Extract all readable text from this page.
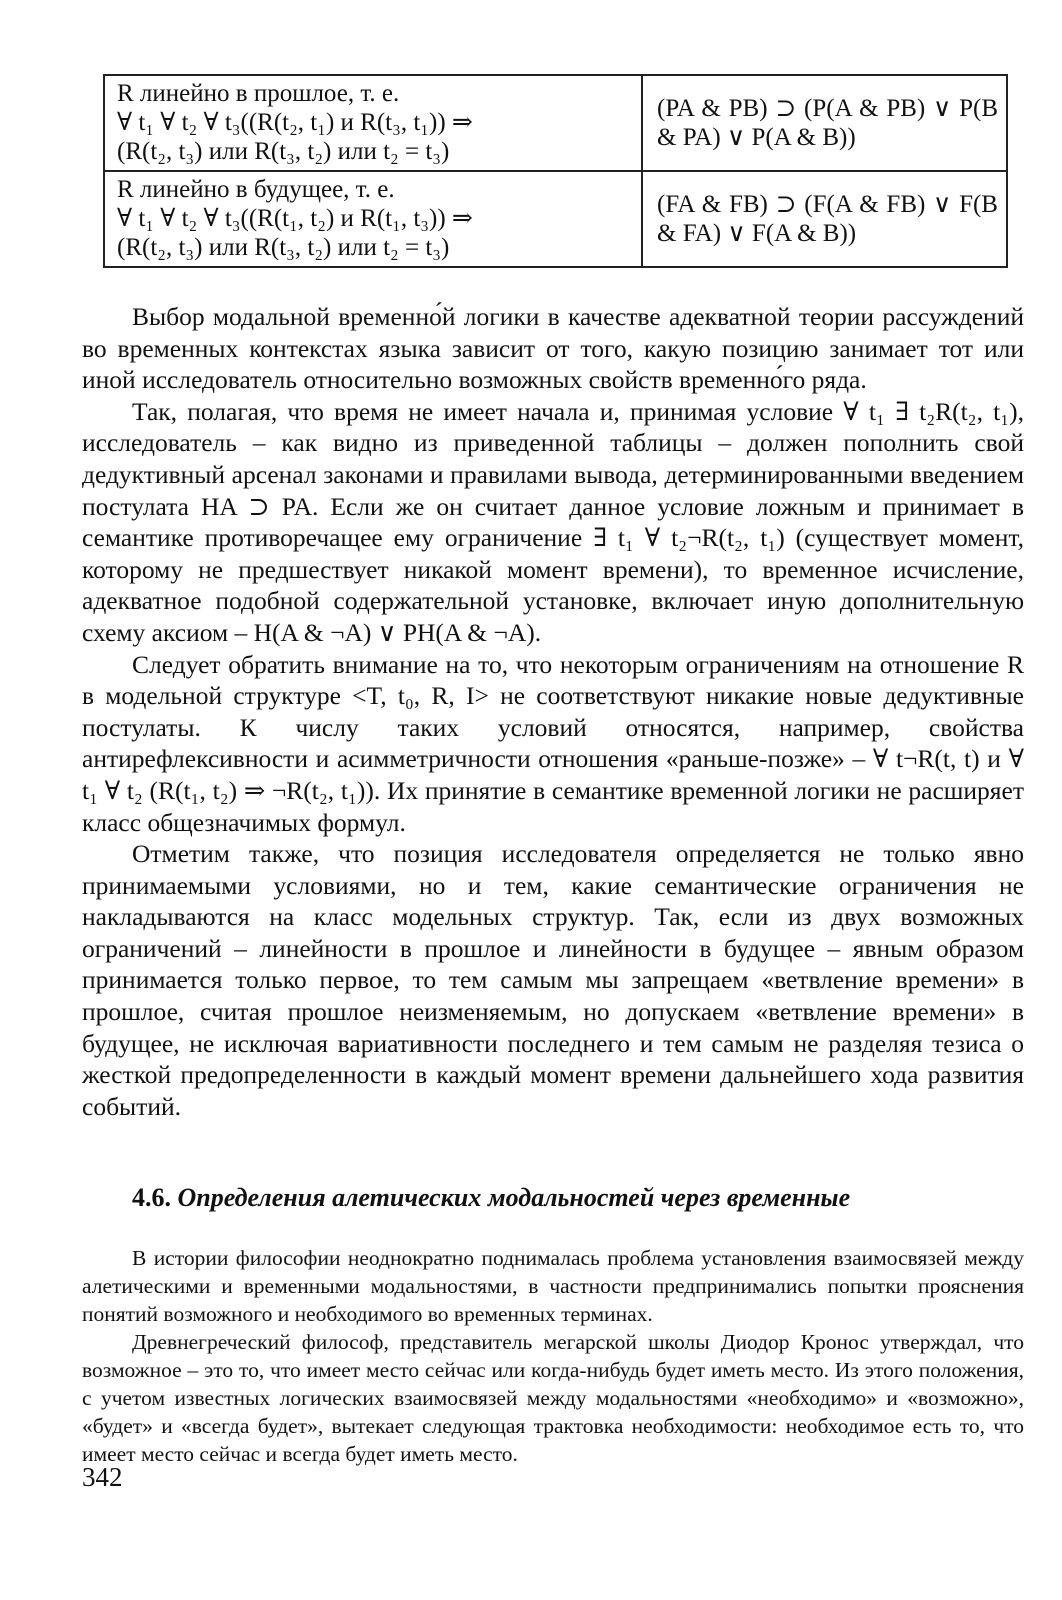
R линейно в прошлое, т. е.
∀ t₁ ∀ t₂ ∀ t₃((R(t₂, t₁) и R(t₃, t₁)) ⇒
(R(t₂, t₃) или R(t₃, t₂) или t₂ = t₃)	(PA & PB) ⊃ (P(A & PB) ∨ P(B & PA) ∨ P(A & B))

R линейно в будущее, т. е.
∀ t₁ ∀ t₂ ∀ t₃((R(t₁, t₂) и R(t₁, t₃)) ⇒
(R(t₂, t₃) или R(t₃, t₂) или t₂ = t₃)	(FA & FB) ⊃ (F(A & FB) ∨ F(B & FA) ∨ F(A & B))

Выбор модальной временно́й логики в качестве адекватной теории рассуждений во временных контекстах языка зависит от того, какую позицию занимает тот или иной исследователь относительно возможных свойств временно́го ряда.

Так, полагая, что время не имеет начала и, принимая условие ∀ t₁ ∃ t₂R(t₂, t₁), исследователь – как видно из приведенной таблицы – должен пополнить свой дедуктивный арсенал законами и правилами вывода, детерминированными введением постулата HA ⊃ PA. Если же он считает данное условие ложным и принимает в семантике противоречащее ему ограничение ∃ t₁ ∀ t₂¬R(t₂, t₁) (существует момент, которому не предшествует никакой момент времени), то временное исчисление, адекватное подобной содержательной установке, включает иную дополнительную схему аксиом – H(A & ¬A) ∨ PH(A & ¬A).

Следует обратить внимание на то, что некоторым ограничениям на отношение R в модельной структуре <T, t₀, R, I> не соответствуют никакие новые дедуктивные постулаты. К числу таких условий относятся, например, свойства антирефлексивности и асимметричности отношения «раньше-позже» – ∀ t¬R(t, t) и ∀ t₁ ∀ t₂ (R(t₁, t₂) ⇒ ¬R(t₂, t₁)). Их принятие в семантике временной логики не расширяет класс общезначимых формул.

Отметим также, что позиция исследователя определяется не только явно принимаемыми условиями, но и тем, какие семантические ограничения не накладываются на класс модельных структур. Так, если из двух возможных ограничений – линейности в прошлое и линейности в будущее – явным образом принимается только первое, то тем самым мы запрещаем «ветвление времени» в прошлое, считая прошлое неизменяемым, но допускаем «ветвление времени» в будущее, не исключая вариативности последнего и тем самым не разделяя тезиса о жесткой предопределенности в каждый момент времени дальнейшего хода развития событий.

4.6. Определения алетических модальностей через временные

В истории философии неоднократно поднималась проблема установления взаимосвязей между алетическими и временными модальностями, в частности предпринимались попытки прояснения понятий возможного и необходимого во временных терминах.

Древнегреческий философ, представитель мегарской школы Диодор Кронос утверждал, что возможное – это то, что имеет место сейчас или когда-нибудь будет иметь место. Из этого положения, с учетом известных логических взаимосвязей между модальностями «необходимо» и «возможно», «будет» и «всегда будет», вытекает следующая трактовка необходимости: необходимое есть то, что имеет место сейчас и всегда будет иметь место.

342
